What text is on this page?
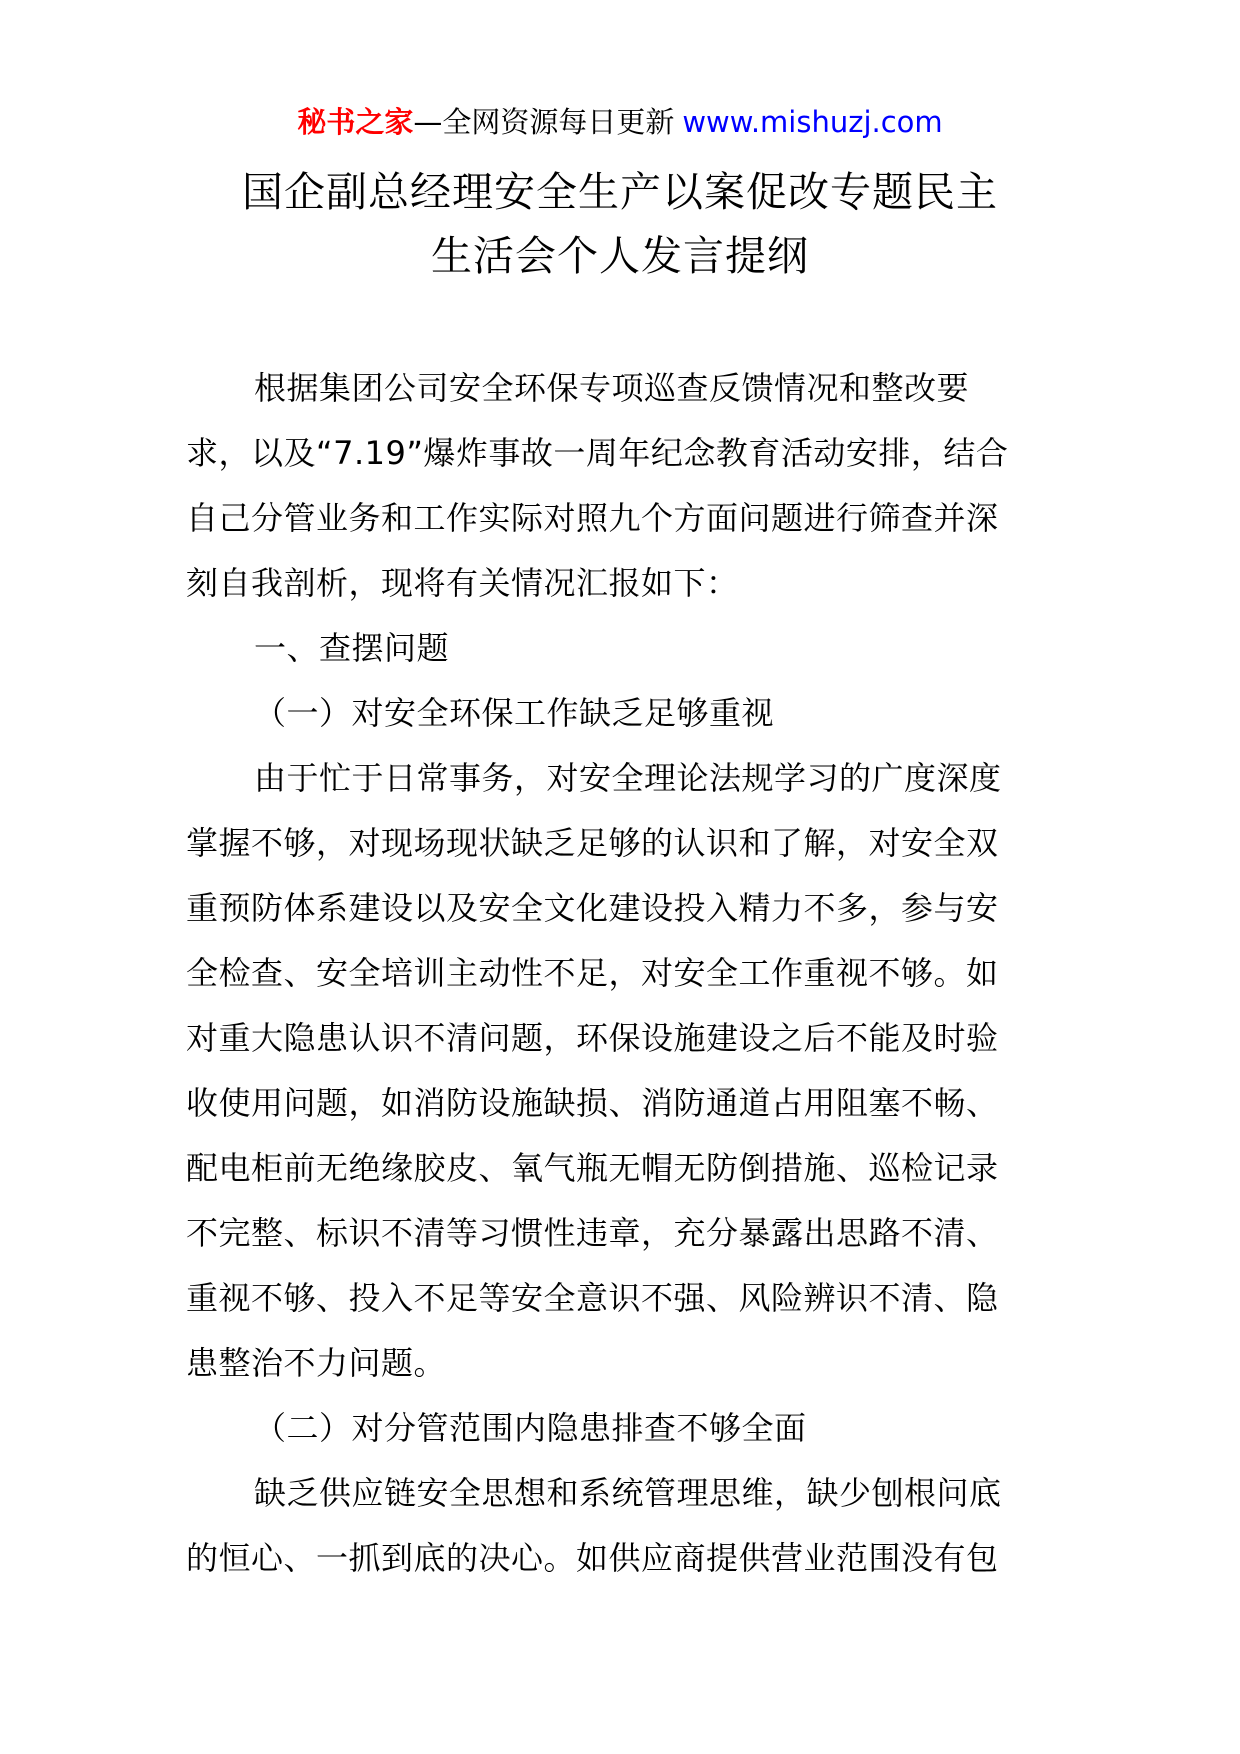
秘书之家—全网资源每日更新 www.mishuzj.com
国企副总经理安全生产以案促改专题民主
生活会个人发言提纲
根据集团公司安全环保专项巡查反馈情况和整改要
求，以及“7.19”爆炸事故一周年纪念教育活动安排，结合
自己分管业务和工作实际对照九个方面问题进行筛查并深
刻自我剖析，现将有关情况汇报如下：
一、查摆问题
（一）对安全环保工作缺乏足够重视
由于忙于日常事务，对安全理论法规学习的广度深度
掌握不够，对现场现状缺乏足够的认识和了解，对安全双
重预防体系建设以及安全文化建设投入精力不多，参与安
全检查、安全培训主动性不足，对安全工作重视不够。如
对重大隐患认识不清问题，环保设施建设之后不能及时验
收使用问题，如消防设施缺损、消防通道占用阻塞不畅、
配电柜前无绝缘胶皮、氧气瓶无帽无防倒措施、巡检记录
不完整、标识不清等习惯性违章，充分暴露出思路不清、
重视不够、投入不足等安全意识不强、风险辨识不清、隐
患整治不力问题。
（二）对分管范围内隐患排查不够全面
缺乏供应链安全思想和系统管理思维，缺少刨根问底
的恒心、一抓到底的决心。如供应商提供营业范围没有包
